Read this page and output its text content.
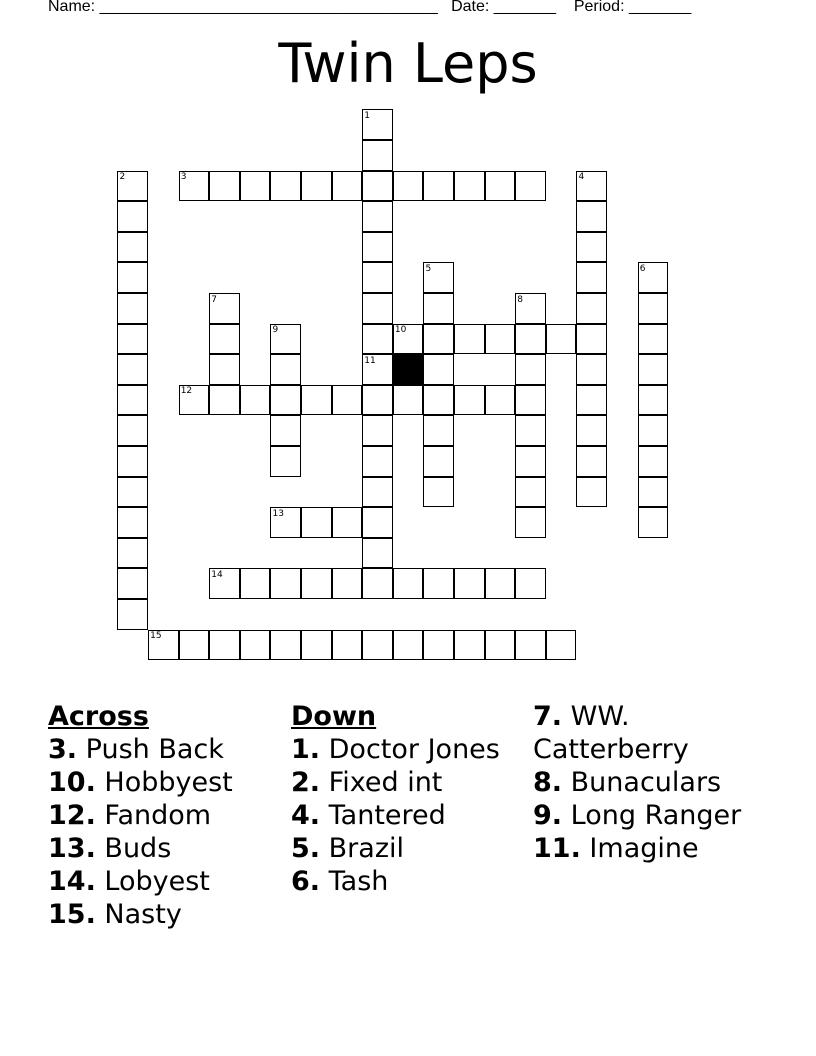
Name: ______________________________________ Date: _______ Period: _______
Twin Leps
1
2	3	4
5	6
7	8
9	10
11
12
13
14
15
Across
3 . Push Back
10 . Hobbyest
12 . Fandom
13 . Buds
14 . Lobyest
15 . Nasty
Down
1 . Doctor Jones
2 . Fixed int
4 . Tantered
5 . Brazil
6 . Tash
7 . WW. Catterberry
8 . Bunaculars
9 . Long Ranger
11 . Imagine
